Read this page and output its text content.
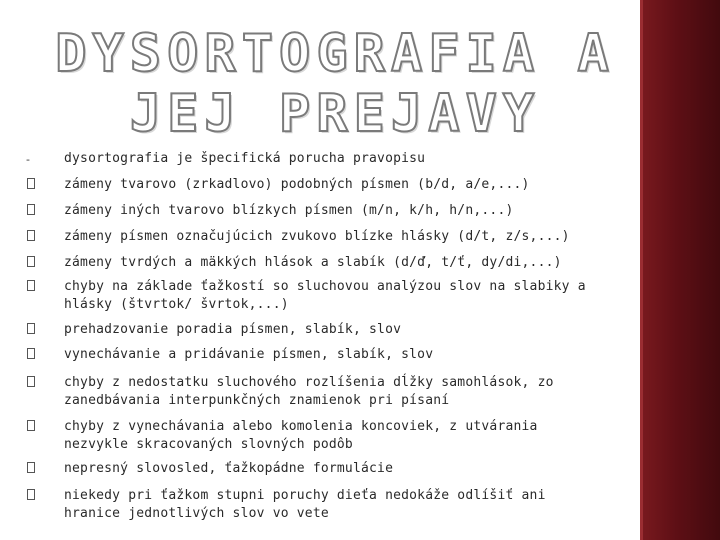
DYSORTOGRAFIA A
JEJ PREJAVY
-	dysortografia je špecifická porucha pravopisu
zámeny tvarovo (zrkadlovo) podobných písmen (b/d, a/e,...)
zámeny iných tvarovo blízkych písmen (m/n, k/h, h/n,...)
zámeny písmen označujúcich zvukovo blízke hlásky (d/t, z/s,...)
zámeny tvrdých a mäkkých hlások a slabík (d/ď, t/ť, dy/di,...)
chyby na základe ťažkostí so sluchovou analýzou slov na slabiky a hlásky (štvrtok/ švrtok,...)
prehadzovanie poradia písmen, slabík, slov
vynechávanie a pridávanie písmen, slabík, slov
chyby z nedostatku sluchového rozlíšenia dĺžky samohlások, zo zanedbávania interpunkčných znamienok pri písaní
chyby z vynechávania alebo komolenia koncoviek, z utvárania nezvykle skracovaných slovných podôb
nepresný slovosled, ťažkopádne formulácie
niekedy pri ťažkom stupni poruchy dieťa nedokáže odlíšiť ani hranice jednotlivých slov vo vete
